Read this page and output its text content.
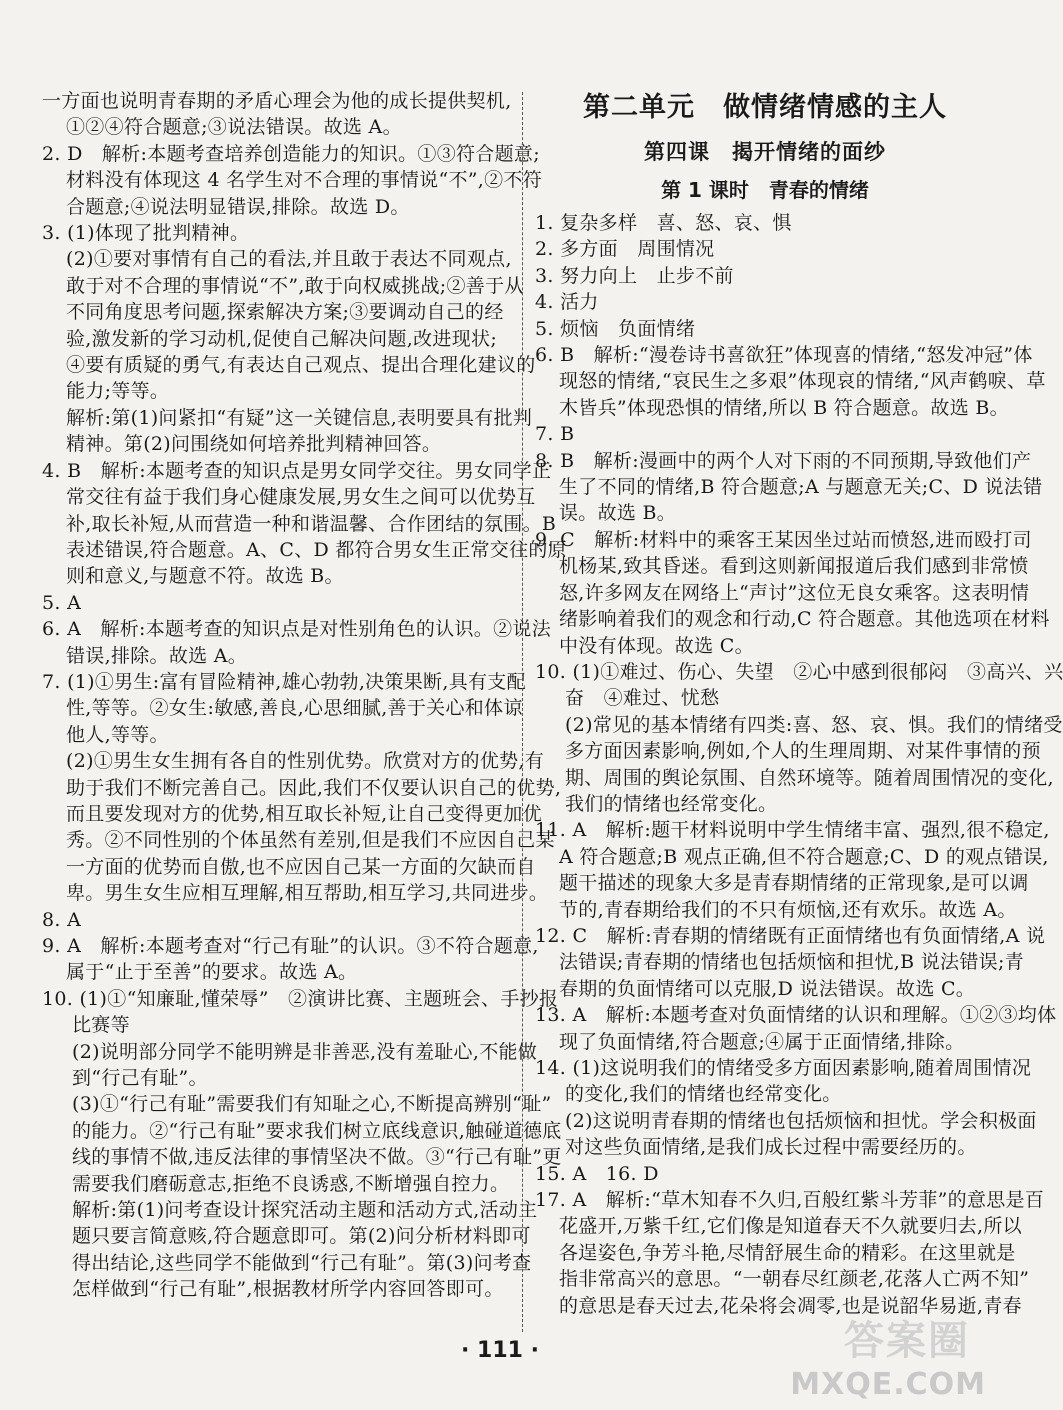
一方面也说明青春期的矛盾心理会为他的成长提供契机,
①②④符合题意;③说法错误。故选 A。
2. D　解析:本题考查培养创造能力的知识。①③符合题意;
材料没有体现这 4 名学生对不合理的事情说“不”,②不符
合题意;④说法明显错误,排除。故选 D。
3. (1)体现了批判精神。
(2)①要对事情有自己的看法,并且敢于表达不同观点,
敢于对不合理的事情说“不”,敢于向权威挑战;②善于从
不同角度思考问题,探索解决方案;③要调动自己的经
验,激发新的学习动机,促使自己解决问题,改进现状;
④要有质疑的勇气,有表达自己观点、提出合理化建议的
能力;等等。
解析:第(1)问紧扣“有疑”这一关键信息,表明要具有批判
精神。第(2)问围绕如何培养批判精神回答。
4. B　解析:本题考查的知识点是男女同学交往。男女同学正
常交往有益于我们身心健康发展,男女生之间可以优势互
补,取长补短,从而营造一种和谐温馨、合作团结的氛围。B
表述错误,符合题意。A、C、D 都符合男女生正常交往的原
则和意义,与题意不符。故选 B。
5. A
6. A　解析:本题考查的知识点是对性别角色的认识。②说法
错误,排除。故选 A。
7. (1)①男生:富有冒险精神,雄心勃勃,决策果断,具有支配
性,等等。②女生:敏感,善良,心思细腻,善于关心和体谅
他人,等等。
(2)①男生女生拥有各自的性别优势。欣赏对方的优势,有
助于我们不断完善自己。因此,我们不仅要认识自己的优势,
而且要发现对方的优势,相互取长补短,让自己变得更加优
秀。②不同性别的个体虽然有差别,但是我们不应因自己某
一方面的优势而自傲,也不应因自己某一方面的欠缺而自
卑。男生女生应相互理解,相互帮助,相互学习,共同进步。
8. A
9. A　解析:本题考查对“行己有耻”的认识。③不符合题意,
属于“止于至善”的要求。故选 A。
10. (1)①“知廉耻,懂荣辱”　②演讲比赛、主题班会、手抄报
比赛等
(2)说明部分同学不能明辨是非善恶,没有羞耻心,不能做
到“行己有耻”。
(3)①“行己有耻”需要我们有知耻之心,不断提高辨别“耻”
的能力。②“行己有耻”要求我们树立底线意识,触碰道德底
线的事情不做,违反法律的事情坚决不做。③“行己有耻”更
需要我们磨砺意志,拒绝不良诱惑,不断增强自控力。
解析:第(1)问考查设计探究活动主题和活动方式,活动主
题只要言简意赅,符合题意即可。第(2)问分析材料即可
得出结论,这些同学不能做到“行己有耻”。第(3)问考查
怎样做到“行己有耻”,根据教材所学内容回答即可。
第二单元　做情绪情感的主人
第四课　揭开情绪的面纱
第 1 课时　青春的情绪
1. 复杂多样　喜、怒、哀、惧
2. 多方面　周围情况
3. 努力向上　止步不前
4. 活力
5. 烦恼　负面情绪
6. B　解析:“漫卷诗书喜欲狂”体现喜的情绪,“怒发冲冠”体
现怒的情绪,“哀民生之多艰”体现哀的情绪,“风声鹤唳、草
木皆兵”体现恐惧的情绪,所以 B 符合题意。故选 B。
7. B
8. B　解析:漫画中的两个人对下雨的不同预期,导致他们产
生了不同的情绪,B 符合题意;A 与题意无关;C、D 说法错
误。故选 B。
9. C　解析:材料中的乘客王某因坐过站而愤怒,进而殴打司
机杨某,致其昏迷。看到这则新闻报道后我们感到非常愤
怒,许多网友在网络上“声讨”这位无良女乘客。这表明情
绪影响着我们的观念和行动,C 符合题意。其他选项在材料
中没有体现。故选 C。
10. (1)①难过、伤心、失望　②心中感到很郁闷　③高兴、兴
奋　④难过、忧愁
(2)常见的基本情绪有四类:喜、怒、哀、惧。我们的情绪受
多方面因素影响,例如,个人的生理周期、对某件事情的预
期、周围的舆论氛围、自然环境等。随着周围情况的变化,
我们的情绪也经常变化。
11. A　解析:题干材料说明中学生情绪丰富、强烈,很不稳定,
A 符合题意;B 观点正确,但不符合题意;C、D 的观点错误,
题干描述的现象大多是青春期情绪的正常现象,是可以调
节的,青春期给我们的不只有烦恼,还有欢乐。故选 A。
12. C　解析:青春期的情绪既有正面情绪也有负面情绪,A 说
法错误;青春期的情绪也包括烦恼和担忧,B 说法错误;青
春期的负面情绪可以克服,D 说法错误。故选 C。
13. A　解析:本题考查对负面情绪的认识和理解。①②③均体
现了负面情绪,符合题意;④属于正面情绪,排除。
14. (1)这说明我们的情绪受多方面因素影响,随着周围情况
的变化,我们的情绪也经常变化。
(2)这说明青春期的情绪也包括烦恼和担忧。学会积极面
对这些负面情绪,是我们成长过程中需要经历的。
15. A　16. D
17. A　解析:“草木知春不久归,百般红紫斗芳菲”的意思是百
花盛开,万紫千红,它们像是知道春天不久就要归去,所以
各逞姿色,争芳斗艳,尽情舒展生命的精彩。在这里就是
指非常高兴的意思。“一朝春尽红颜老,花落人亡两不知”
的意思是春天过去,花朵将会凋零,也是说韶华易逝,青春
· 111 ·	答案圈
MXQE.COM
